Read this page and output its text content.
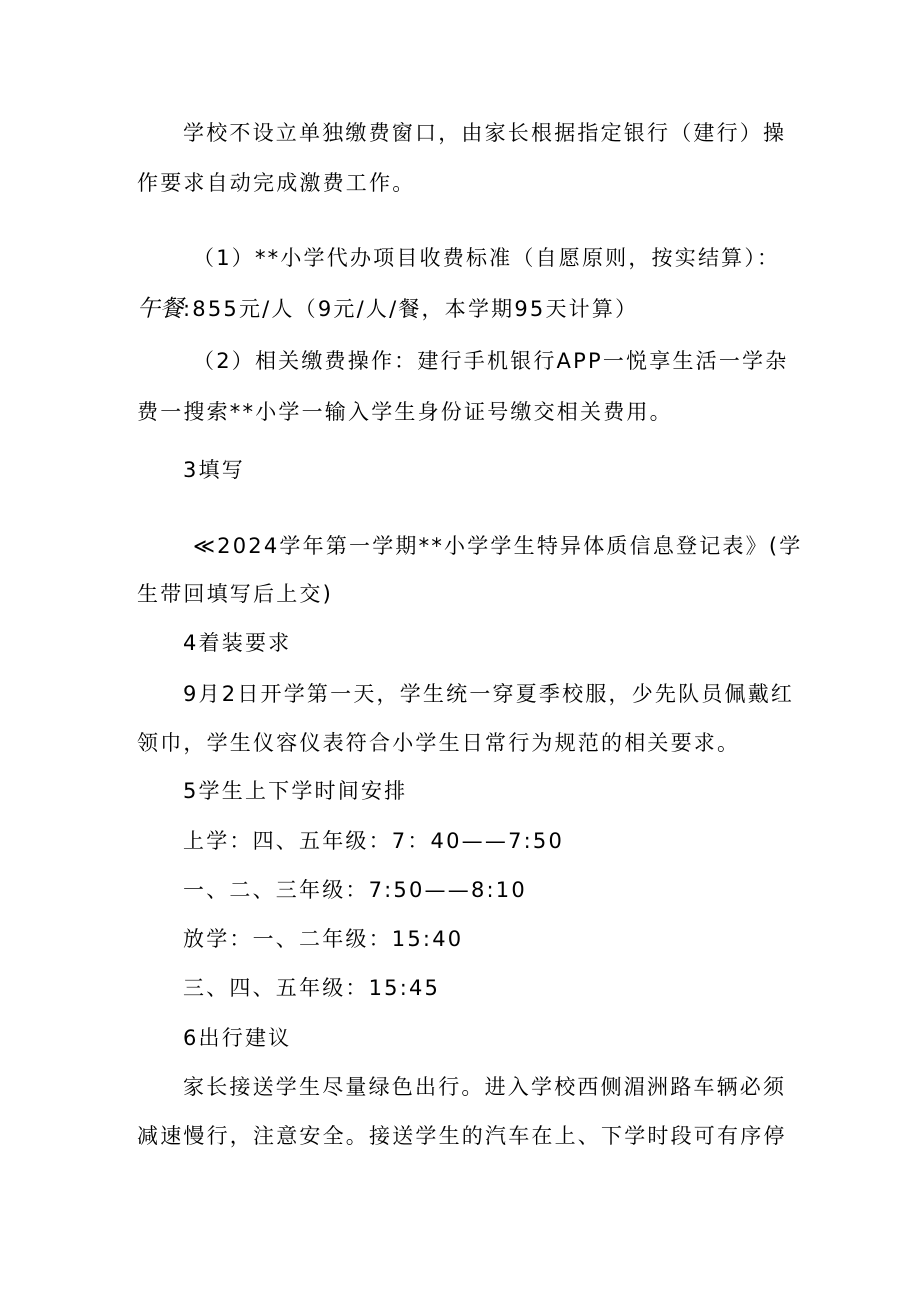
学校不设立单独缴费窗口，由家长根据指定银行（建行）操
作要求自动完成激费工作。
（1）**小学代办项目收费标准（自愿原则，按实结算）：
午餐:855元/人（9元/人/餐，本学期95天计算）
（2）相关缴费操作：建行手机银行APP一悦享生活一学杂
费一搜索**小学一输入学生身份证号缴交相关费用。
3填写
≪2024学年第一学期**小学学生特异体质信息登记表》(学
生带回填写后上交)
4着装要求
9月2日开学第一天，学生统一穿夏季校服，少先队员佩戴红
领巾，学生仪容仪表符合小学生日常行为规范的相关要求。
5学生上下学时间安排
上学：四、五年级：7：40——7:50
一、二、三年级：7:50——8:10
放学：一、二年级：15:40
三、四、五年级：15:45
6出行建议
家长接送学生尽量绿色出行。进入学校西侧湄洲路车辆必须
减速慢行，注意安全。接送学生的汽车在上、下学时段可有序停
